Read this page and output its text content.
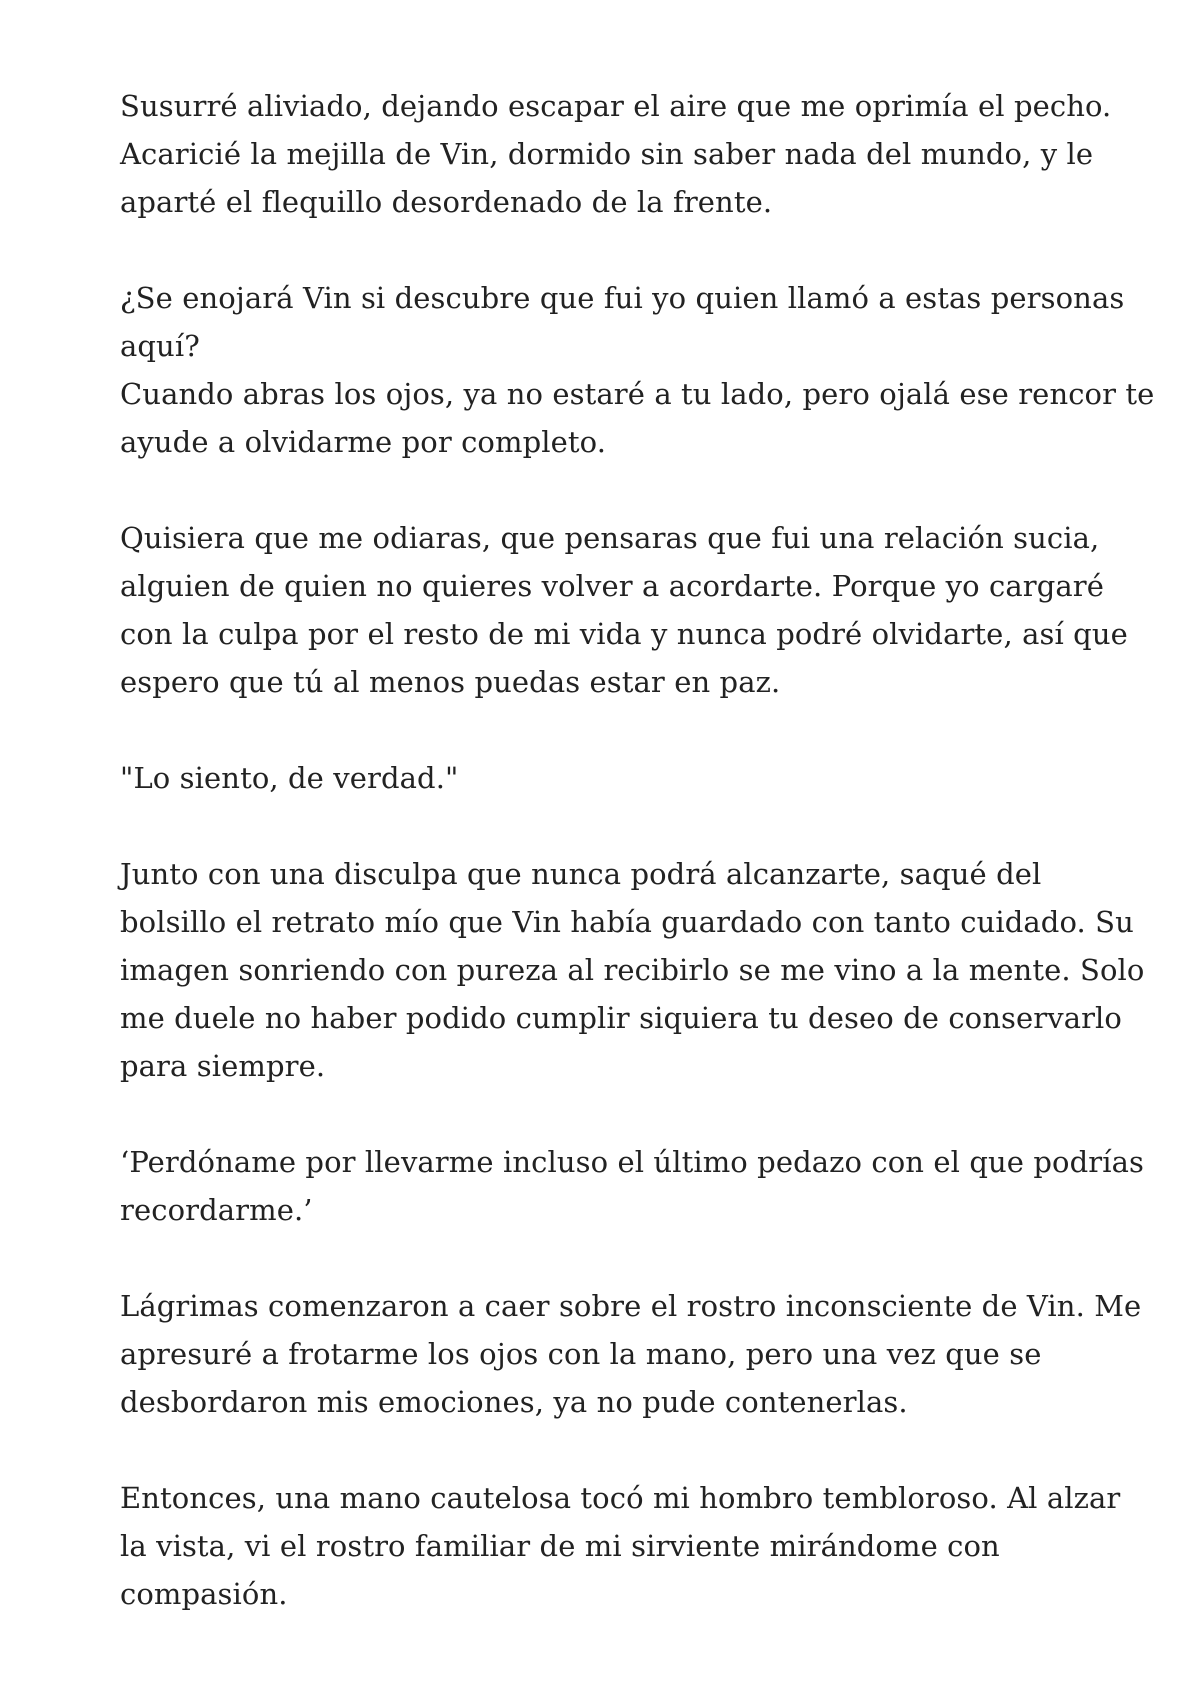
Susurré aliviado, dejando escapar el aire que me oprimía el pecho.
Acaricié la mejilla de Vin, dormido sin saber nada del mundo, y le
aparté el flequillo desordenado de la frente.
¿Se enojará Vin si descubre que fui yo quien llamó a estas personas
aquí?
Cuando abras los ojos, ya no estaré a tu lado, pero ojalá ese rencor te
ayude a olvidarme por completo.
Quisiera que me odiaras, que pensaras que fui una relación sucia,
alguien de quien no quieres volver a acordarte. Porque yo cargaré
con la culpa por el resto de mi vida y nunca podré olvidarte, así que
espero que tú al menos puedas estar en paz.
"Lo siento, de verdad."
Junto con una disculpa que nunca podrá alcanzarte, saqué del
bolsillo el retrato mío que Vin había guardado con tanto cuidado. Su
imagen sonriendo con pureza al recibirlo se me vino a la mente. Solo
me duele no haber podido cumplir siquiera tu deseo de conservarlo
para siempre.
‘Perdóname por llevarme incluso el último pedazo con el que podrías
recordarme.’
Lágrimas comenzaron a caer sobre el rostro inconsciente de Vin. Me
apresuré a frotarme los ojos con la mano, pero una vez que se
desbordaron mis emociones, ya no pude contenerlas.
Entonces, una mano cautelosa tocó mi hombro tembloroso. Al alzar
la vista, vi el rostro familiar de mi sirviente mirándome con
compasión.
